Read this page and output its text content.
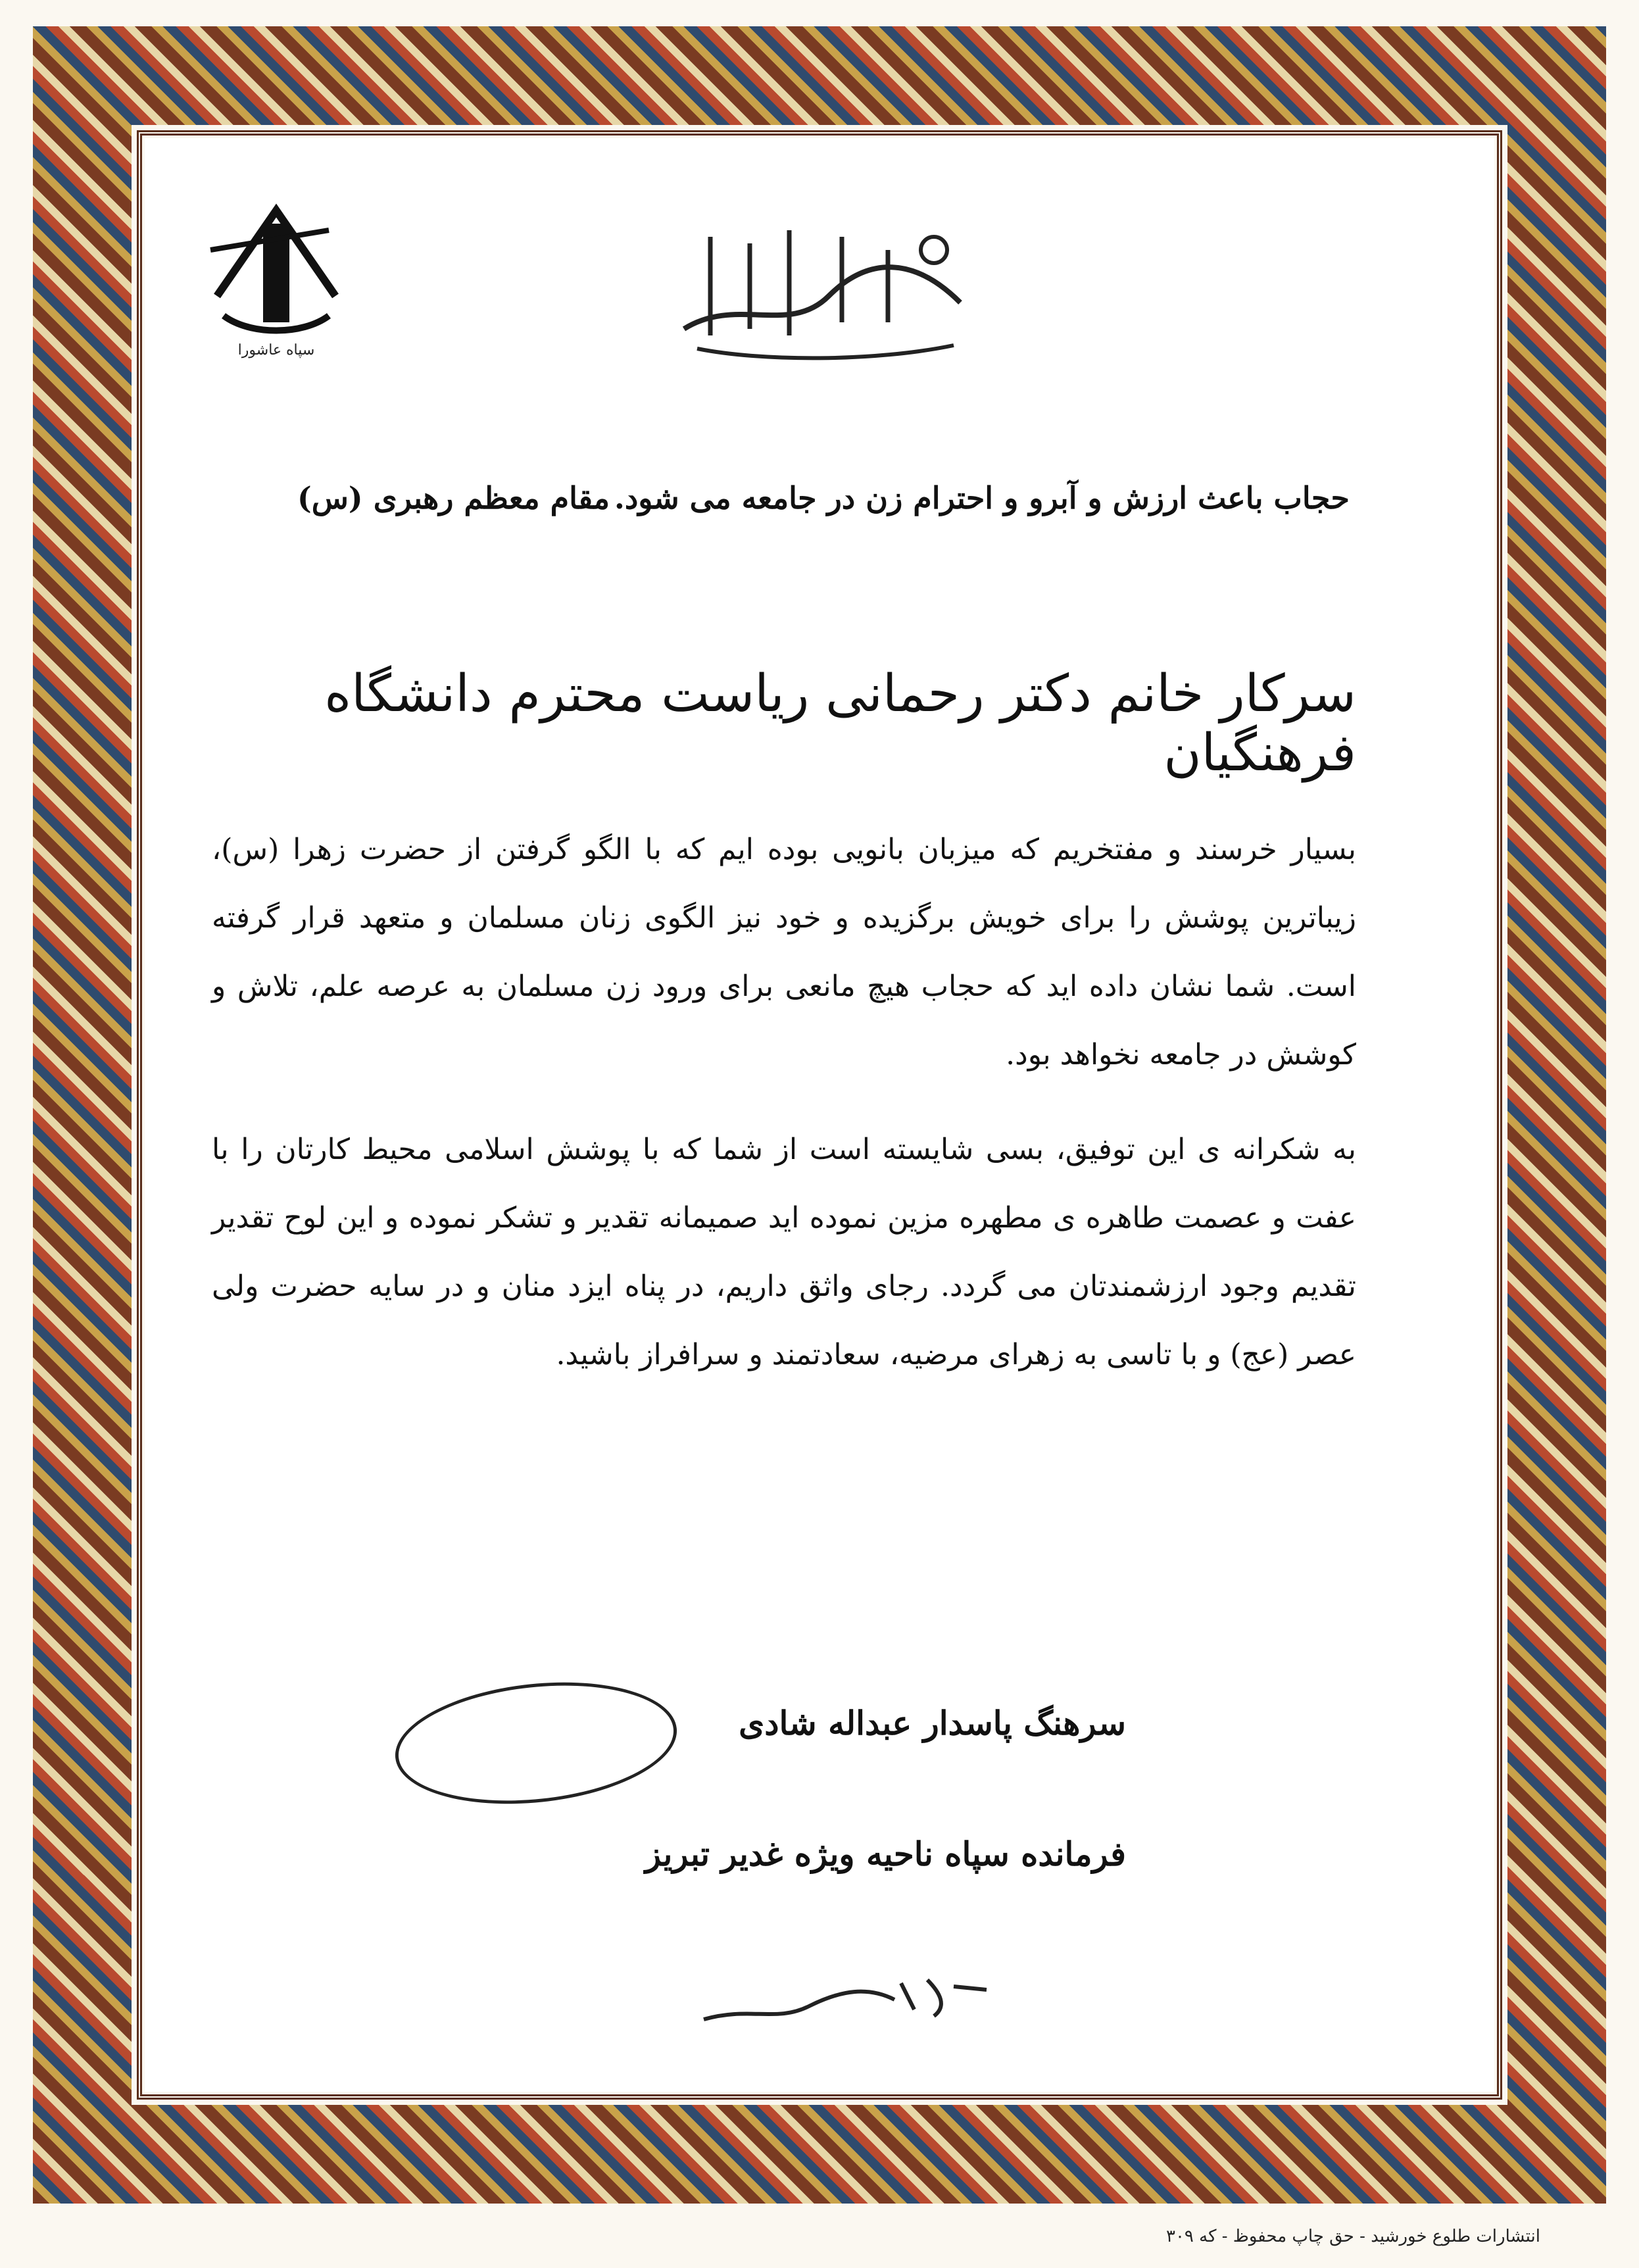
سپاه عاشورا
حجاب باعث ارزش و آبرو و احترام زن در جامعه می شود.
مقام معظم رهبری (س)
سرکار خانم دکتر رحمانی ریاست محترم دانشگاه فرهنگیان
بسیار خرسند و مفتخریم که میزبان بانویی بوده ایم که با الگو گرفتن از حضرت زهرا (س)، زیباترین پوشش را برای خویش برگزیده و خود نیز الگوی زنان مسلمان و متعهد قرار گرفته است. شما نشان داده اید که حجاب هیچ مانعی برای ورود زن مسلمان به عرصه علم، تلاش و کوشش در جامعه نخواهد بود.
به شکرانه ی این توفیق، بسی شایسته است از شما که با پوشش اسلامی محیط کارتان را با عفت و عصمت طاهره ی مطهره مزین نموده اید صمیمانه تقدیر و تشکر نموده و این لوح تقدیر تقدیم وجود ارزشمندتان می گردد. رجای واثق داریم، در پناه ایزد منان و در سایه حضرت ولی عصر (عج) و با تاسی به زهرای مرضیه، سعادتمند و سرافراز باشید.
سرهنگ پاسدار عبداله شادی
فرمانده سپاه ناحیه ویژه غدیر تبریز
انتشارات طلوع خورشید - حق چاپ محفوظ - که ۳۰۹
